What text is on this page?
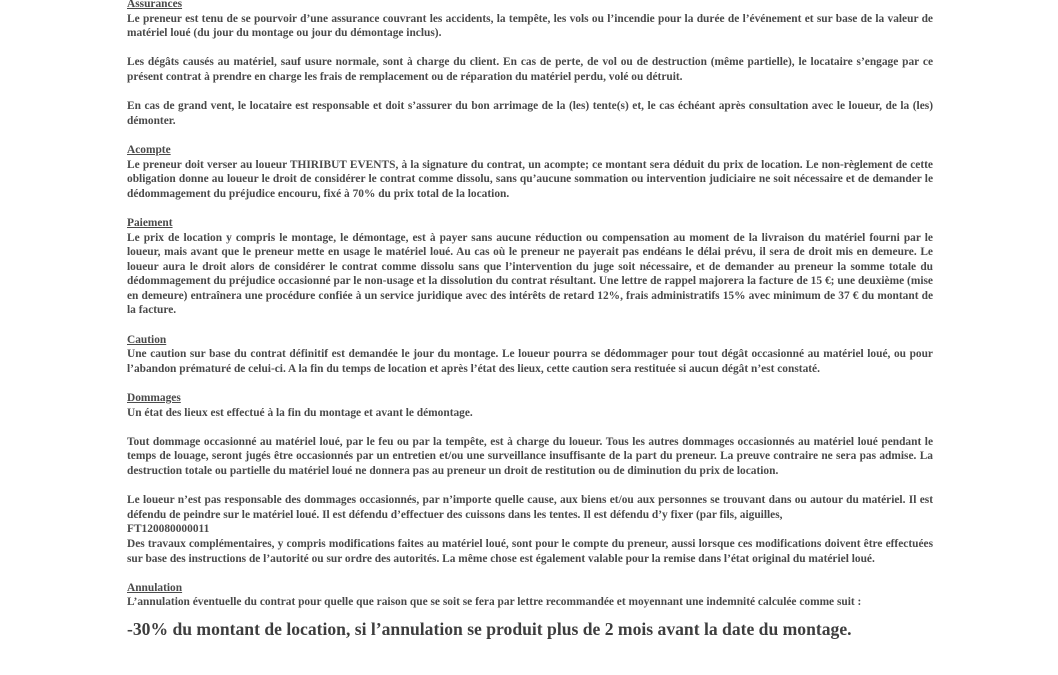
Assurances

Le preneur est tenu de se pourvoir d’une assurance couvrant les accidents, la tempête, les vols ou l’incendie pour la durée de l’événement et sur base de la valeur de matériel loué (du jour du montage ou jour du démontage inclus).

Les dégâts causés au matériel, sauf usure normale, sont à charge du client. En cas de perte, de vol ou de destruction (même partielle), le locataire s’engage par ce présent contrat à prendre en charge les frais de remplacement ou de réparation du matériel perdu, volé ou détruit.

En cas de grand vent, le locataire est responsable et doit s’assurer du bon arrimage de la (les) tente(s) et, le cas échéant après consultation avec le loueur, de la (les) démonter.

Acompte

Le preneur doit verser au loueur THIRIBUT EVENTS, à la signature du contrat, un acompte; ce montant sera déduit du prix de location. Le non-règlement de cette obligation donne au loueur le droit de considérer le contrat comme dissolu, sans qu’aucune sommation ou intervention judiciaire ne soit nécessaire et de demander le dédommagement du préjudice encouru, fixé à 70% du prix total de la location.

Paiement

Le prix de location y compris le montage, le démontage, est à payer sans aucune réduction ou compensation au moment de la livraison du matériel fourni par le loueur, mais avant que le preneur mette en usage le matériel loué. Au cas où le preneur ne payerait pas endéans le délai prévu, il sera de droit mis en demeure. Le loueur aura le droit alors de considérer le contrat comme dissolu sans que l’intervention du juge soit nécessaire, et de demander au preneur la somme totale du dédommagement du préjudice occasionné par le non-usage et la dissolution du contrat résultant. Une lettre de rappel majorera la facture de 15 €; une deuxième (mise en demeure) entraînera une procédure confiée à un service juridique avec des intérêts de retard 12%, frais administratifs 15% avec minimum de 37 € du montant de la facture.

Caution

Une caution sur base du contrat définitif est demandée le jour du montage. Le loueur pourra se dédommager pour tout dégât occasionné au matériel loué, ou pour l’abandon prématuré de celui-ci. A la fin du temps de location et après l’état des lieux, cette caution sera restituée si aucun dégât n’est constaté.

Dommages

Un état des lieux est effectué à la fin du montage et avant le démontage.

Tout dommage occasionné au matériel loué, par le feu ou par la tempête, est à charge du loueur. Tous les autres dommages occasionnés au matériel loué pendant le temps de louage, seront jugés être occasionnés par un entretien et/ou une surveillance insuffisante de la part du preneur. La preuve contraire ne sera pas admise. La destruction totale ou partielle du matériel loué ne donnera pas au preneur un droit de restitution ou de diminution du prix de location.

Le loueur n’est pas responsable des dommages occasionnés, par n’importe quelle cause, aux biens et/ou aux personnes se trouvant dans ou autour du matériel. Il est défendu de peindre sur le matériel loué. Il est défendu d’effectuer des cuissons dans les tentes. Il est défendu d’y fixer (par fils, aiguilles,

FT120080000011

Des travaux complémentaires, y compris modifications faites au matériel loué, sont pour le compte du preneur, aussi lorsque ces modifications doivent être effectuées sur base des instructions de l’autorité ou sur ordre des autorités. La même chose est également valable pour la remise dans l’état original du matériel loué.

Annulation

L’annulation éventuelle du contrat pour quelle que raison que se soit se fera par lettre recommandée et moyennant une indemnité calculée comme suit :

-30% du montant de location, si l’annulation se produit plus de 2 mois avant la date du montage.
